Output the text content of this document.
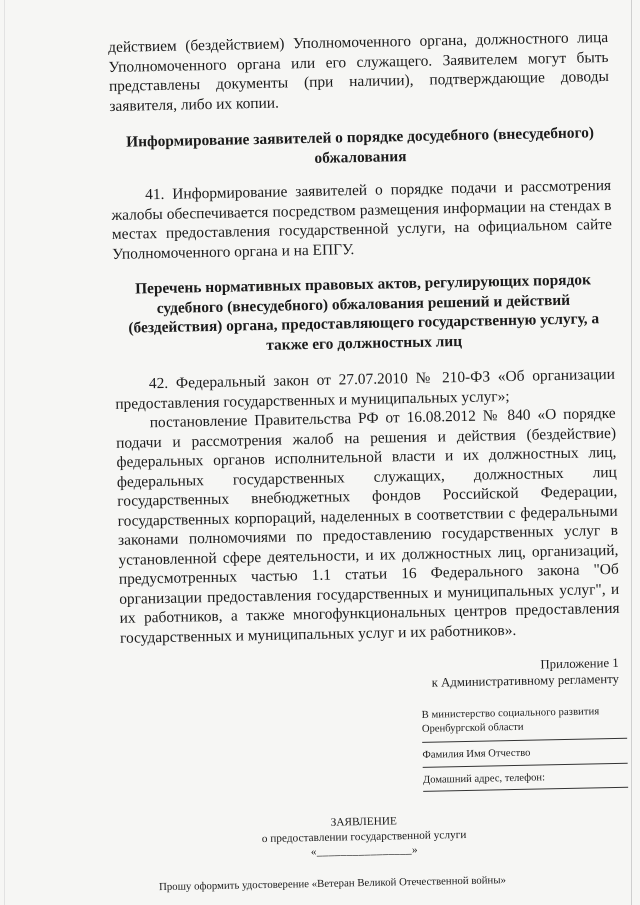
действием (бездействием) Уполномоченного органа, должностного лица Уполномоченного органа или его служащего. Заявителем могут быть представлены документы (при наличии), подтверждающие доводы заявителя, либо их копии.

Информирование заявителей о порядке досудебного (внесудебного) обжалования

41. Информирование заявителей о порядке подачи и рассмотрения жалобы обеспечивается посредством размещения информации на стендах в местах предоставления государственной услуги, на официальном сайте Уполномоченного органа и на ЕПГУ.

Перечень нормативных правовых актов, регулирующих порядок судебного (внесудебного) обжалования решений и действий (бездействия) органа, предоставляющего государственную услугу, а также его должностных лиц

42. Федеральный закон от 27.07.2010 № 210-ФЗ «Об организации предоставления государственных и муниципальных услуг»;

постановление Правительства РФ от 16.08.2012 № 840 «О порядке подачи и рассмотрения жалоб на решения и действия (бездействие) федеральных органов исполнительной власти и их должностных лиц, федеральных государственных служащих, должностных лиц государственных внебюджетных фондов Российской Федерации, государственных корпораций, наделенных в соответствии с федеральными законами полномочиями по предоставлению государственных услуг в установленной сфере деятельности, и их должностных лиц, организаций, предусмотренных частью 1.1 статьи 16 Федерального закона "Об организации предоставления государственных и муниципальных услуг", и их работников, а также многофункциональных центров предоставления государственных и муниципальных услуг и их работников».

Приложение 1
к Административному регламенту
В министерство социального развития
Оренбургской области
Фамилия Имя Отчество
Домашний адрес, телефон:
ЗАЯВЛЕНИЕ
о предоставлении государственной услуги
«________________»

Прошу оформить удостоверение «Ветеран Великой Отечественной войны»
